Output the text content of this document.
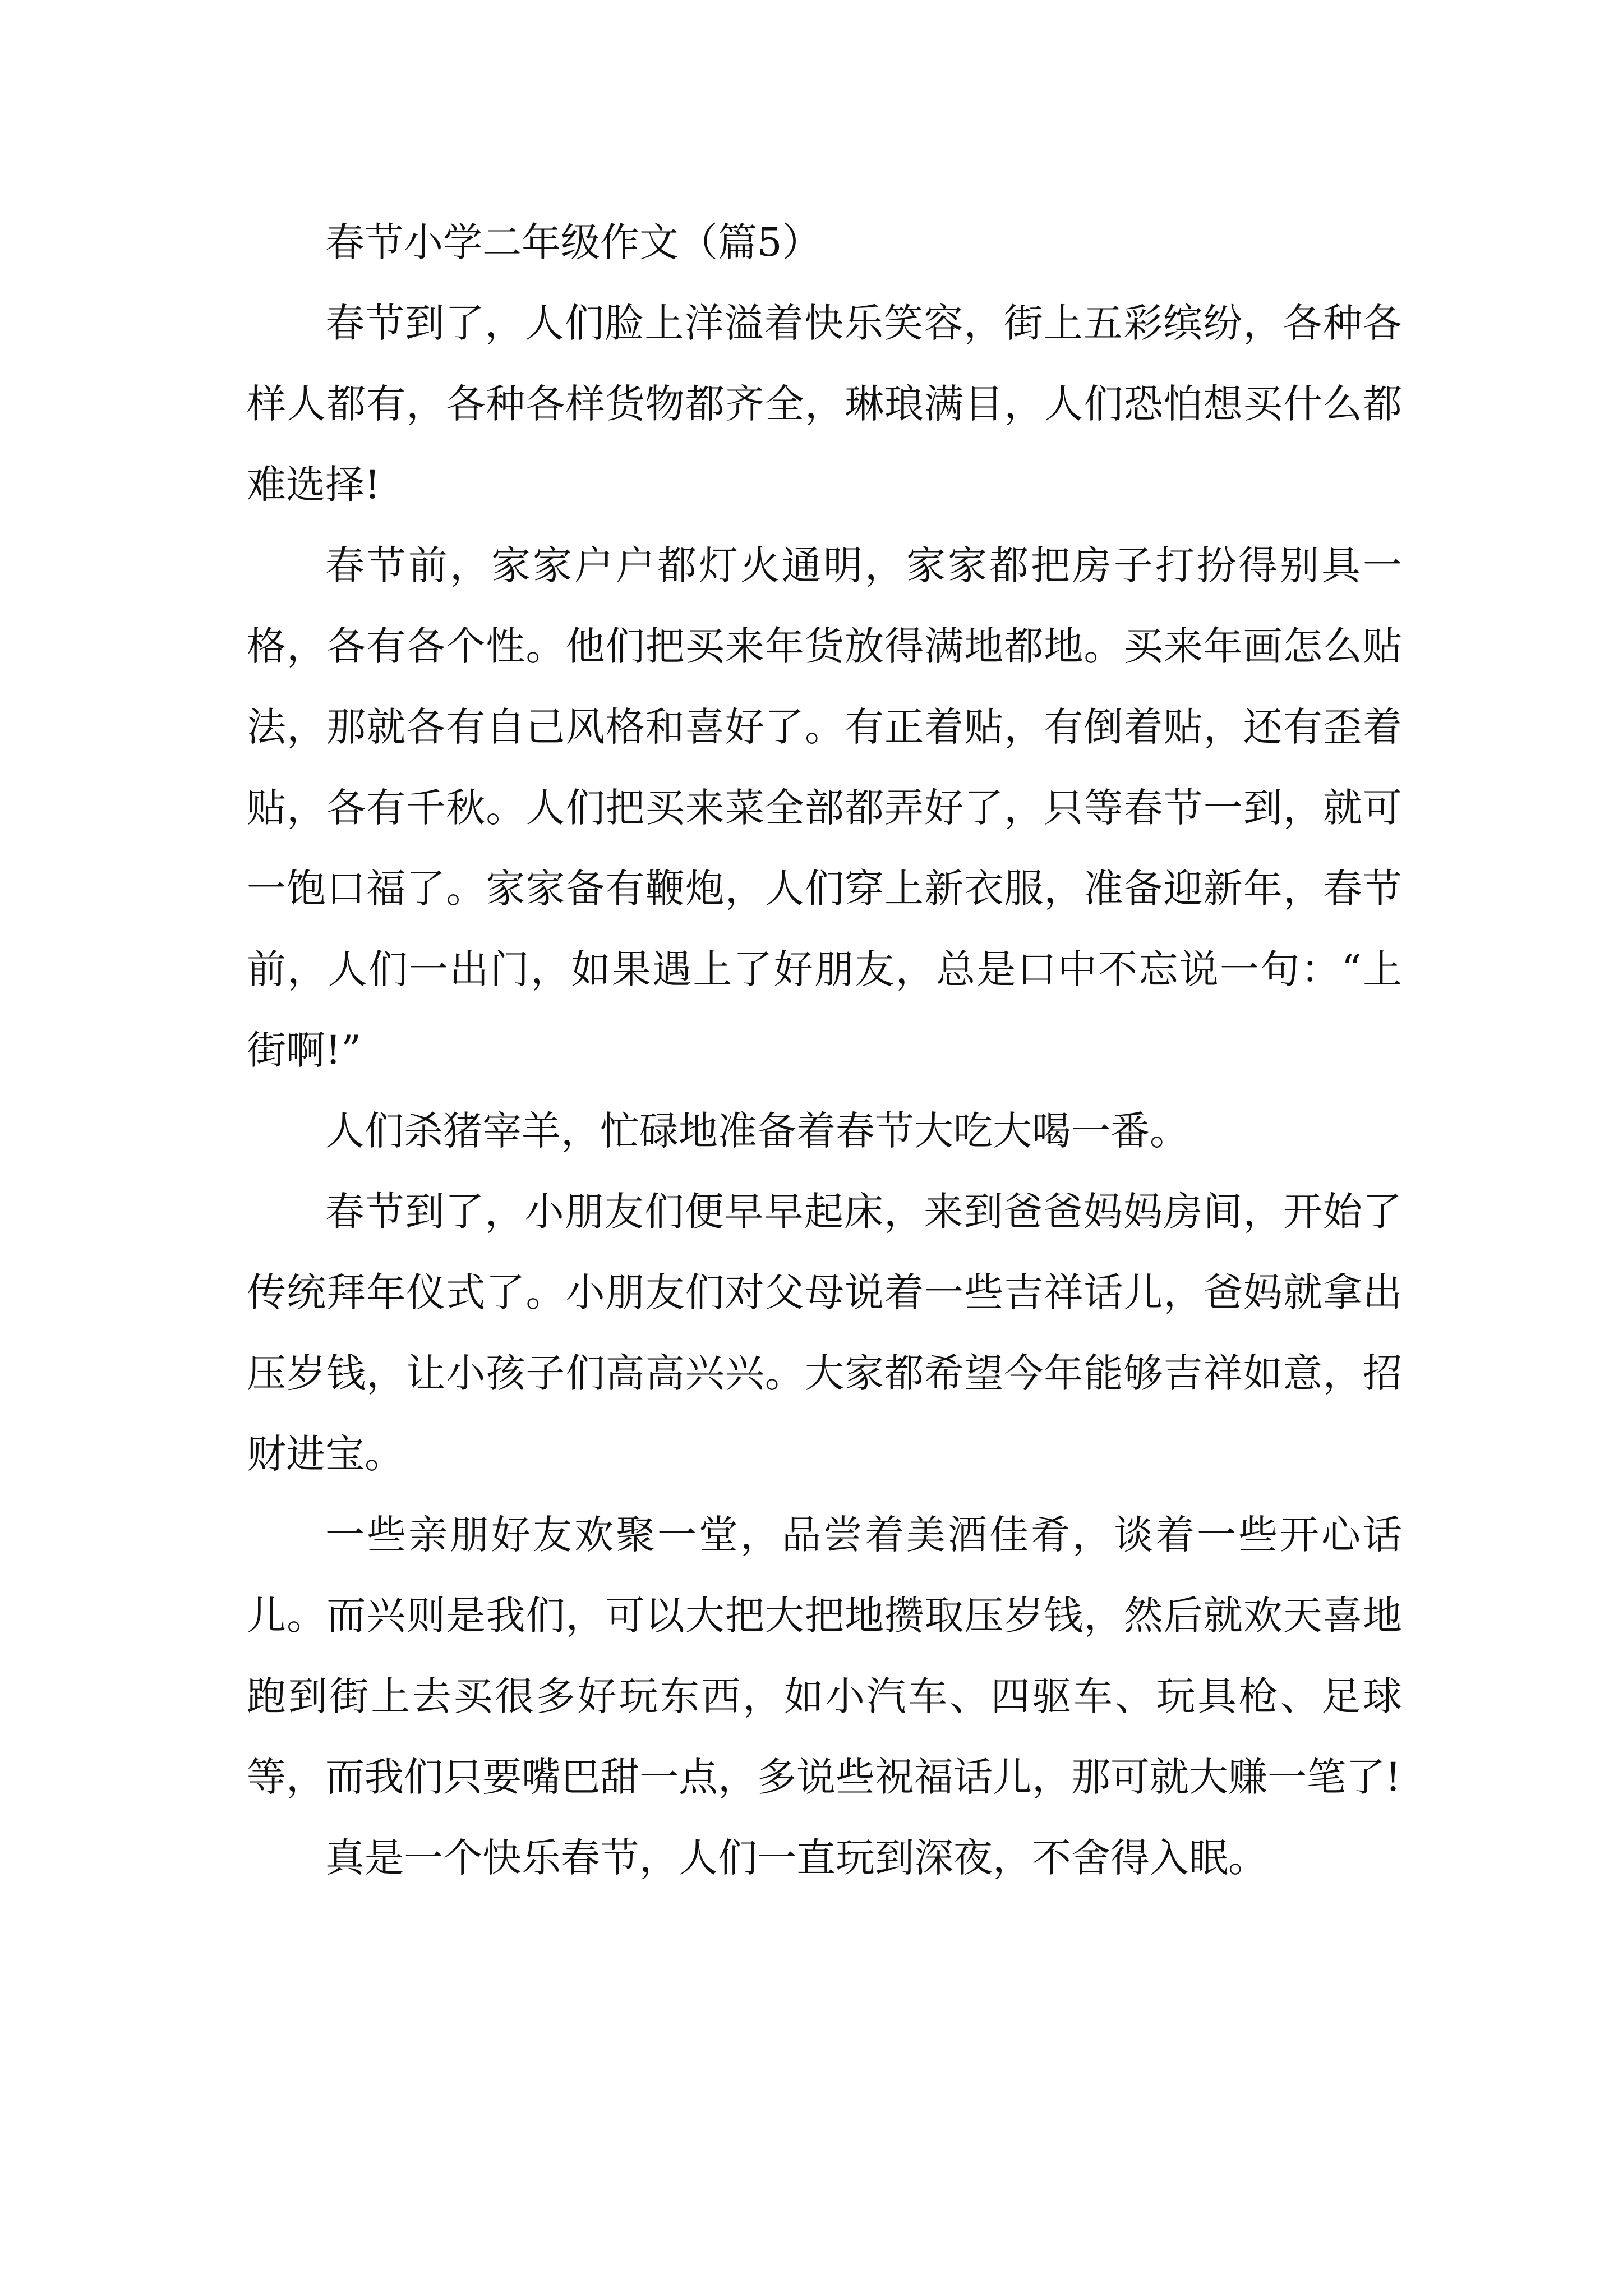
春节小学二年级作文（篇5）

春节到了，人们脸上洋溢着快乐笑容，街上五彩缤纷，各种各样人都有，各种各样货物都齐全，琳琅满目，人们恐怕想买什么都难选择!

春节前，家家户户都灯火通明，家家都把房子打扮得别具一格，各有各个性。他们把买来年货放得满地都地。买来年画怎么贴法，那就各有自己风格和喜好了。有正着贴，有倒着贴，还有歪着贴，各有千秋。人们把买来菜全部都弄好了，只等春节一到，就可一饱口福了。家家备有鞭炮，人们穿上新衣服，准备迎新年，春节前，人们一出门，如果遇上了好朋友，总是口中不忘说一句：“上街啊!”

人们杀猪宰羊，忙碌地准备着春节大吃大喝一番。

春节到了，小朋友们便早早起床，来到爸爸妈妈房间，开始了传统拜年仪式了。小朋友们对父母说着一些吉祥话儿，爸妈就拿出压岁钱，让小孩子们高高兴兴。大家都希望今年能够吉祥如意，招财进宝。

一些亲朋好友欢聚一堂，品尝着美酒佳肴，谈着一些开心话儿。而兴则是我们，可以大把大把地攒取压岁钱，然后就欢天喜地跑到街上去买很多好玩东西，如小汽车、四驱车、玩具枪、足球等，而我们只要嘴巴甜一点，多说些祝福话儿，那可就大赚一笔了!

真是一个快乐春节，人们一直玩到深夜，不舍得入眠。
